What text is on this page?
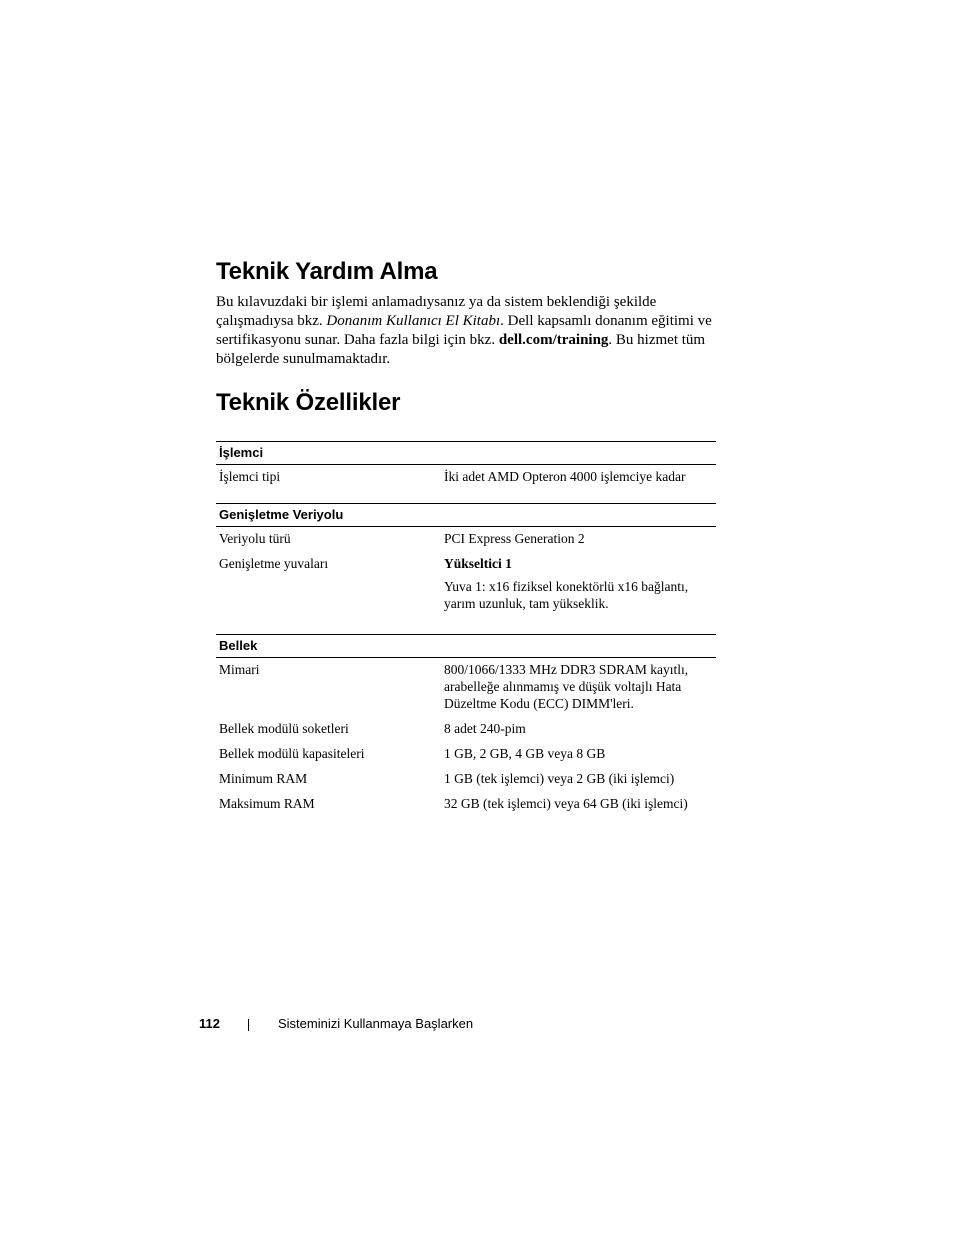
Teknik Yardım Alma

Bu kılavuzdaki bir işlemi anlamadıysanız ya da sistem beklendiği şekilde çalışmadıysa bkz. Donanım Kullanıcı El Kitabı. Dell kapsamlı donanım eğitimi ve sertifikasyonu sunar. Daha fazla bilgi için bkz. dell.com/training. Bu hizmet tüm bölgelerde sunulmamaktadır.

Teknik Özellikler
İşlemci
İşlemci tipi	İki adet AMD Opteron 4000 işlemciye kadar
Genişletme Veriyolu
Veriyolu türü	PCI Express Generation 2
Genişletme yuvaları	Yükseltici 1

Yuva 1: x16 fiziksel konektörlü x16 bağlantı, yarım uzunluk, tam yükseklik.

Bellek
Mimari	800/1066/1333 MHz DDR3 SDRAM kayıtlı, arabelleğe alınmamış ve düşük voltajlı Hata Düzeltme Kodu (ECC) DIMM'leri.
Bellek modülü soketleri	8 adet 240-pim
Bellek modülü kapasiteleri	1 GB, 2 GB, 4 GB veya 8 GB
Minimum RAM	1 GB (tek işlemci) veya 2 GB (iki işlemci)
Maksimum RAM	32 GB (tek işlemci) veya 64 GB (iki işlemci)
112	Sisteminizi Kullanmaya Başlarken
